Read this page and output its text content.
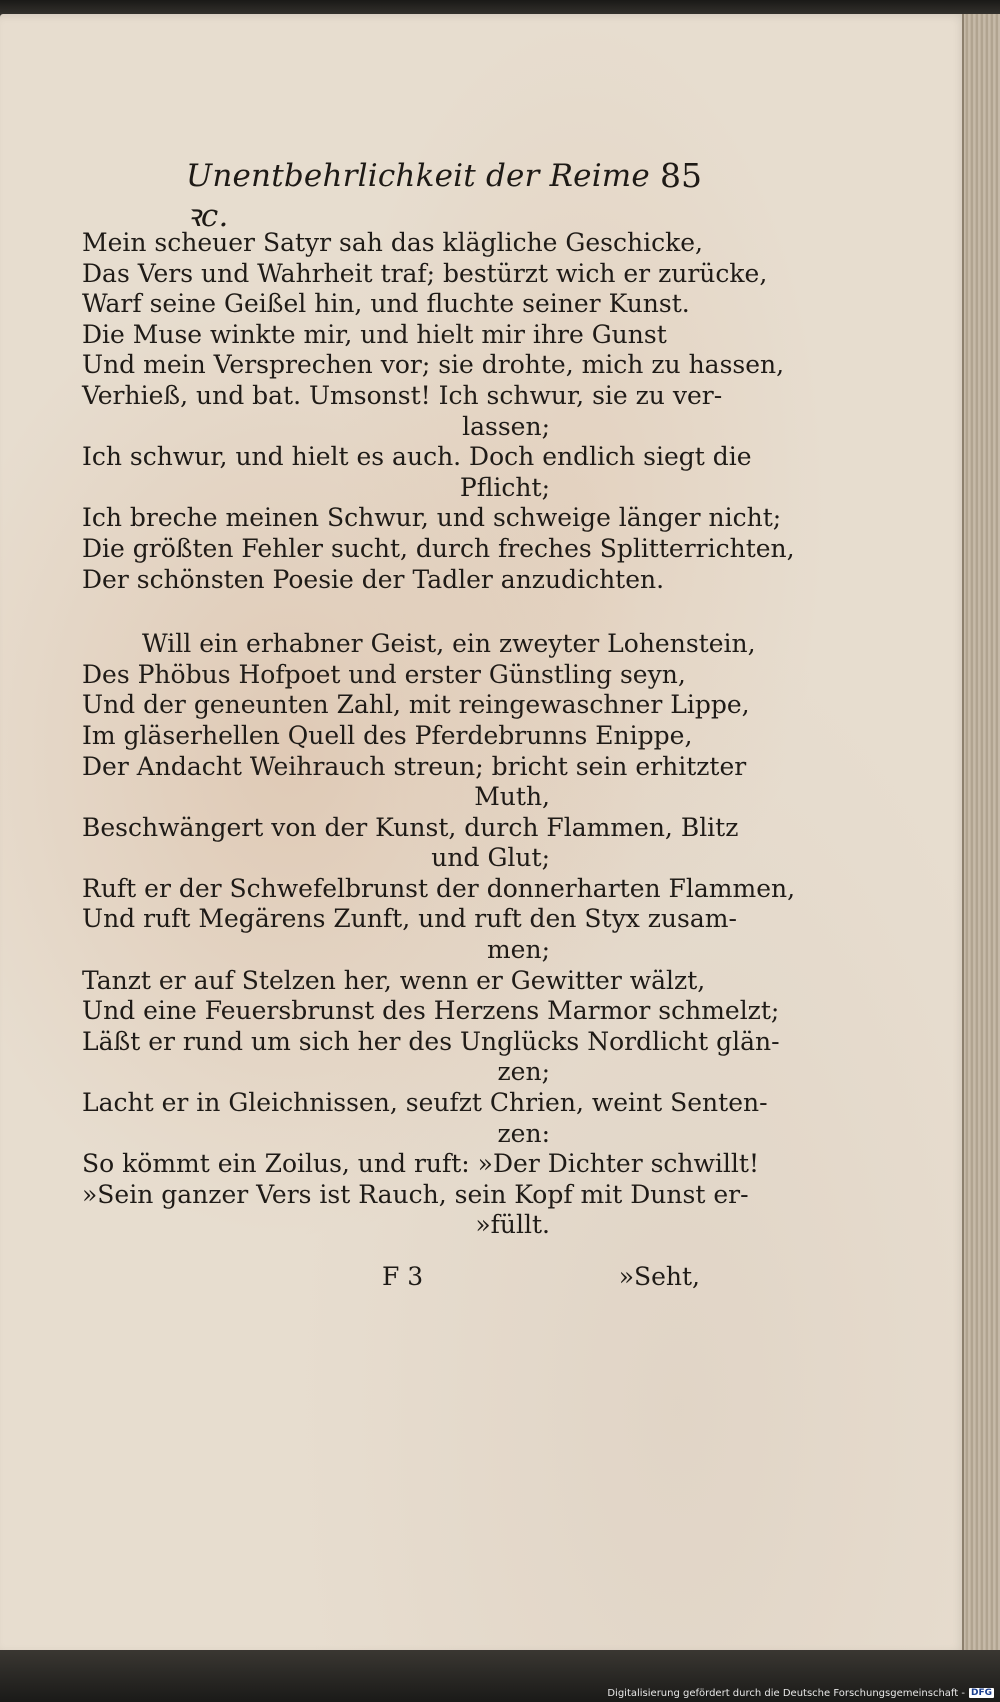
Unentbehrlichkeit der Reime ꝛc.
85
Mein scheuer Satyr sah das klägliche Geschicke,
Das Vers und Wahrheit traf; bestürzt wich er zurücke,
Warf seine Geißel hin, und fluchte seiner Kunst.
Die Muse winkte mir, und hielt mir ihre Gunst
Und mein Versprechen vor; sie drohte, mich zu hassen,
Verhieß, und bat. Umsonst! Ich schwur, sie zu ver-
lassen;
Ich schwur, und hielt es auch. Doch endlich siegt die
Pflicht;
Ich breche meinen Schwur, und schweige länger nicht;
Die größten Fehler sucht, durch freches Splitterrichten,
Der schönsten Poesie der Tadler anzudichten.
Will ein erhabner Geist, ein zweyter Lohenstein,
Des Phöbus Hofpoet und erster Günstling seyn,
Und der geneunten Zahl, mit reingewaschner Lippe,
Im gläserhellen Quell des Pferdebrunns Enippe,
Der Andacht Weihrauch streun; bricht sein erhitzter
Muth,
Beschwängert von der Kunst, durch Flammen, Blitz
und Glut;
Ruft er der Schwefelbrunst der donnerharten Flammen,
Und ruft Megärens Zunft, und ruft den Styx zusam-
men;
Tanzt er auf Stelzen her, wenn er Gewitter wälzt,
Und eine Feuersbrunst des Herzens Marmor schmelzt;
Läßt er rund um sich her des Unglücks Nordlicht glän-
zen;
Lacht er in Gleichnissen, seufzt Chrien, weint Senten-
zen:
So kömmt ein Zoilus, und ruft: »Der Dichter schwillt!
»Sein ganzer Vers ist Rauch, sein Kopf mit Dunst er-
»füllt.
F 3	»Seht,
Digitalisierung gefördert durch die Deutsche Forschungsgemeinschaft - DFG
